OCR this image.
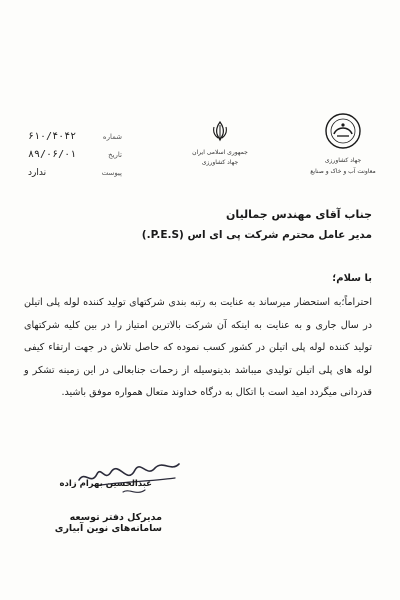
۶۱۰/۴۰۴۲
۸۹/۰۶/۰۱
ندارد
شماره
تاریخ
پیوست
جمهوری اسلامی ایران
جهاد کشاورزی	جهاد کشاورزی
معاونت آب و خاک و صنایع
جناب آقای مهندس جمالیان
مدیر عامل محترم شرکت پی ای اس (P.E.S.)
با سلام؛

احتراماً؛به استحضار میرساند به عنایت به رتبه بندی شرکتهای تولید کننده لوله پلی اتیلن در سال جاری و به عنایت به اینکه آن شرکت بالاترین امتیاز را در بین کلیه شرکتهای تولید کننده لوله پلی اتیلن در کشور کسب نموده که حاصل تلاش در جهت ارتقاء کیفی لوله های پلی اتیلن تولیدی میباشد بدینوسیله از زحمات جنابعالی در این زمینه تشکر و قدردانی میگردد امید است با اتکال به درگاه خداوند متعال همواره موفق باشید.

عبدالحسین بهرام زاده
مدیرکل دفتر توسعه سامانه‌های نوین آبیاری
